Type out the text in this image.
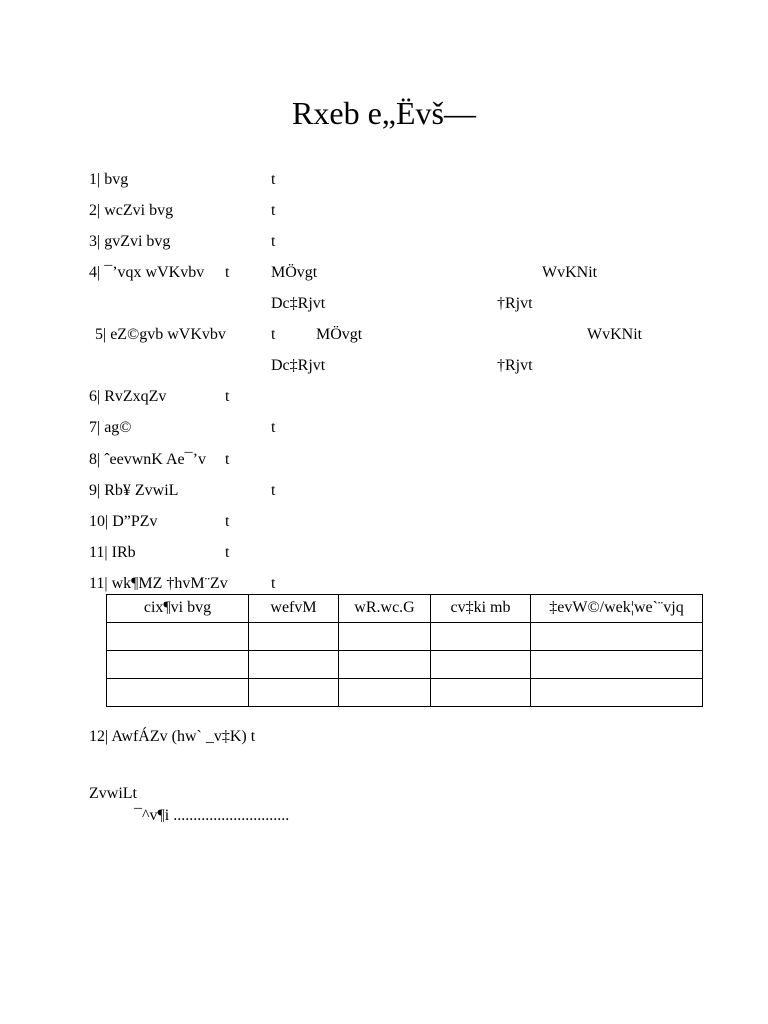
Rxeb e„Ëvš—
1| bvg	t
2| wcZvi bvg	t
3| gvZvi bvg	t
4| ¯’vqx wVKvbv t	MÖvgt	WvKNit
Dc‡Rjvt	†Rjvt
5| eZ©gvb wVKvbv	t	MÖvgt	WvKNit
Dc‡Rjvt	†Rjvt
6| RvZxqZv	t
7| ag©	t
8| ˆeevwnK Ae¯’v t
9| Rb¥ ZvwiL	t
10| D”PZv	t
11| IRb	t
11| wk¶MZ †hvM¨Zv	t
cix¶vi bvg	wefvM	wR.wc.G	cv‡ki mb	‡evW©/wek¦we`¨vjq

12| AwfÁZv (hw` _v‡K) t
ZvwiLt
¯^v¶i .............................
